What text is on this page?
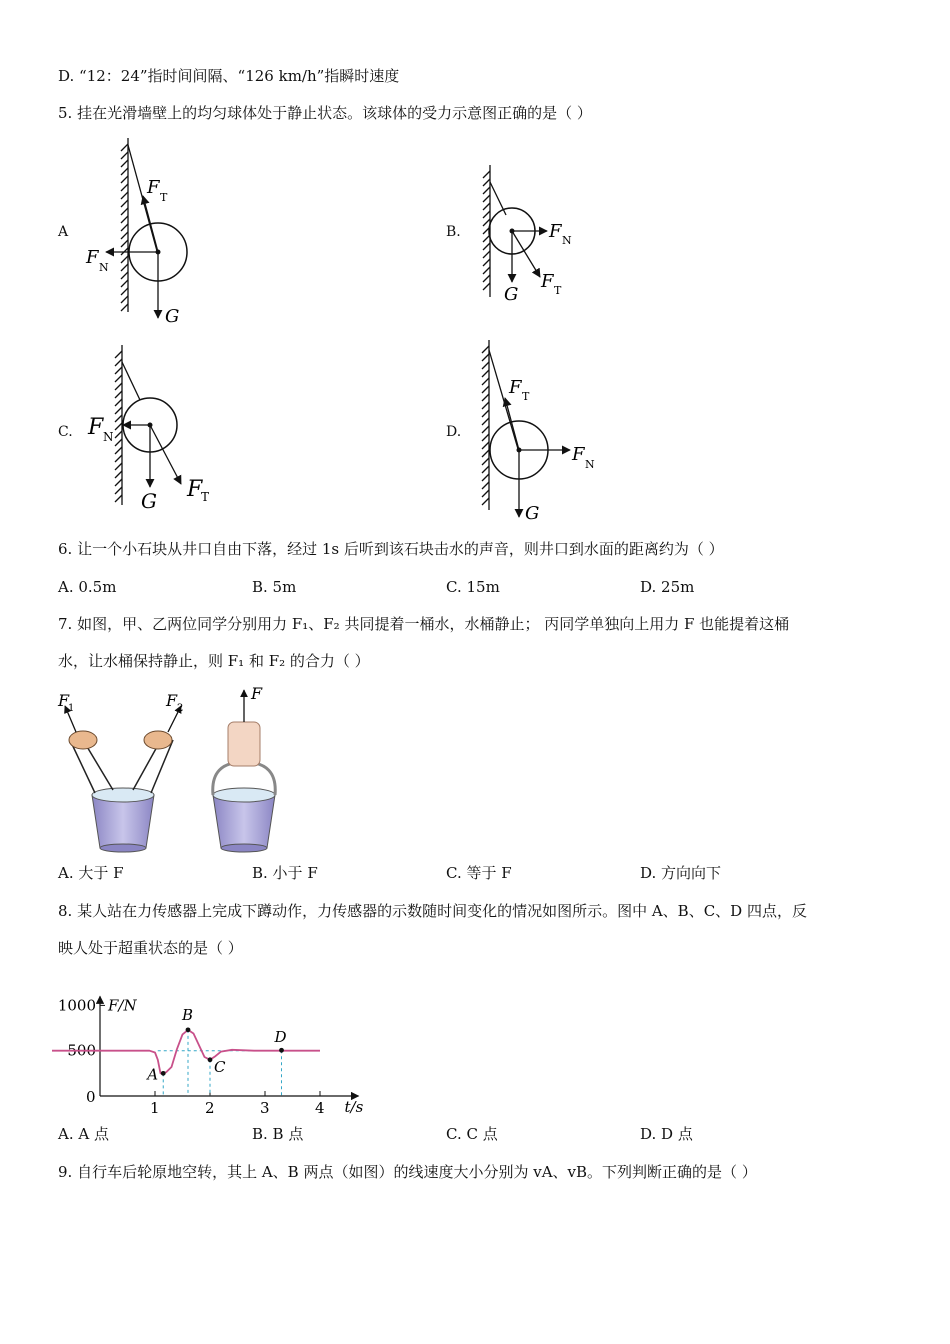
D. “12：24”指时间间隔、“126 km/h”指瞬时速度
5. 挂在光滑墙壁上的均匀球体处于静止状态。该球体的受力示意图正确的是（ ）
A
F T
F N
G
B.	F N
G
F T
C. F N
G F
T
D.
F T
F N
G
6. 让一个小石块从井口自由下落，经过 1s 后听到该石块击水的声音，则井口到水面的距离约为（ ）
A. 0.5m	B. 5m	C. 15m	D. 25m
7. 如图，甲、乙两位同学分别用力 F₁、F₂ 共同提着一桶水，水桶静止； 丙同学单独向上用力 F 也能提着这桶
水，让水桶保持静止，则 F₁ 和 F₂ 的合力（ ）
F
1	F 2
F
A. 大于 F	B. 小于 F	C. 等于 F	D. 方向向下
8. 某人站在力传感器上完成下蹲动作，力传感器的示数随时间变化的情况如图所示。图中 A、B、C、D 四点，反
映人处于超重状态的是（ ）
F/N
t/s
0
1	2	3	4
500
1000
A
B
C
D
A. A 点	B. B 点	C. C 点	D. D 点
9. 自行车后轮原地空转，其上 A、B 两点（如图）的线速度大小分别为 vA、vB。下列判断正确的是（ ）
